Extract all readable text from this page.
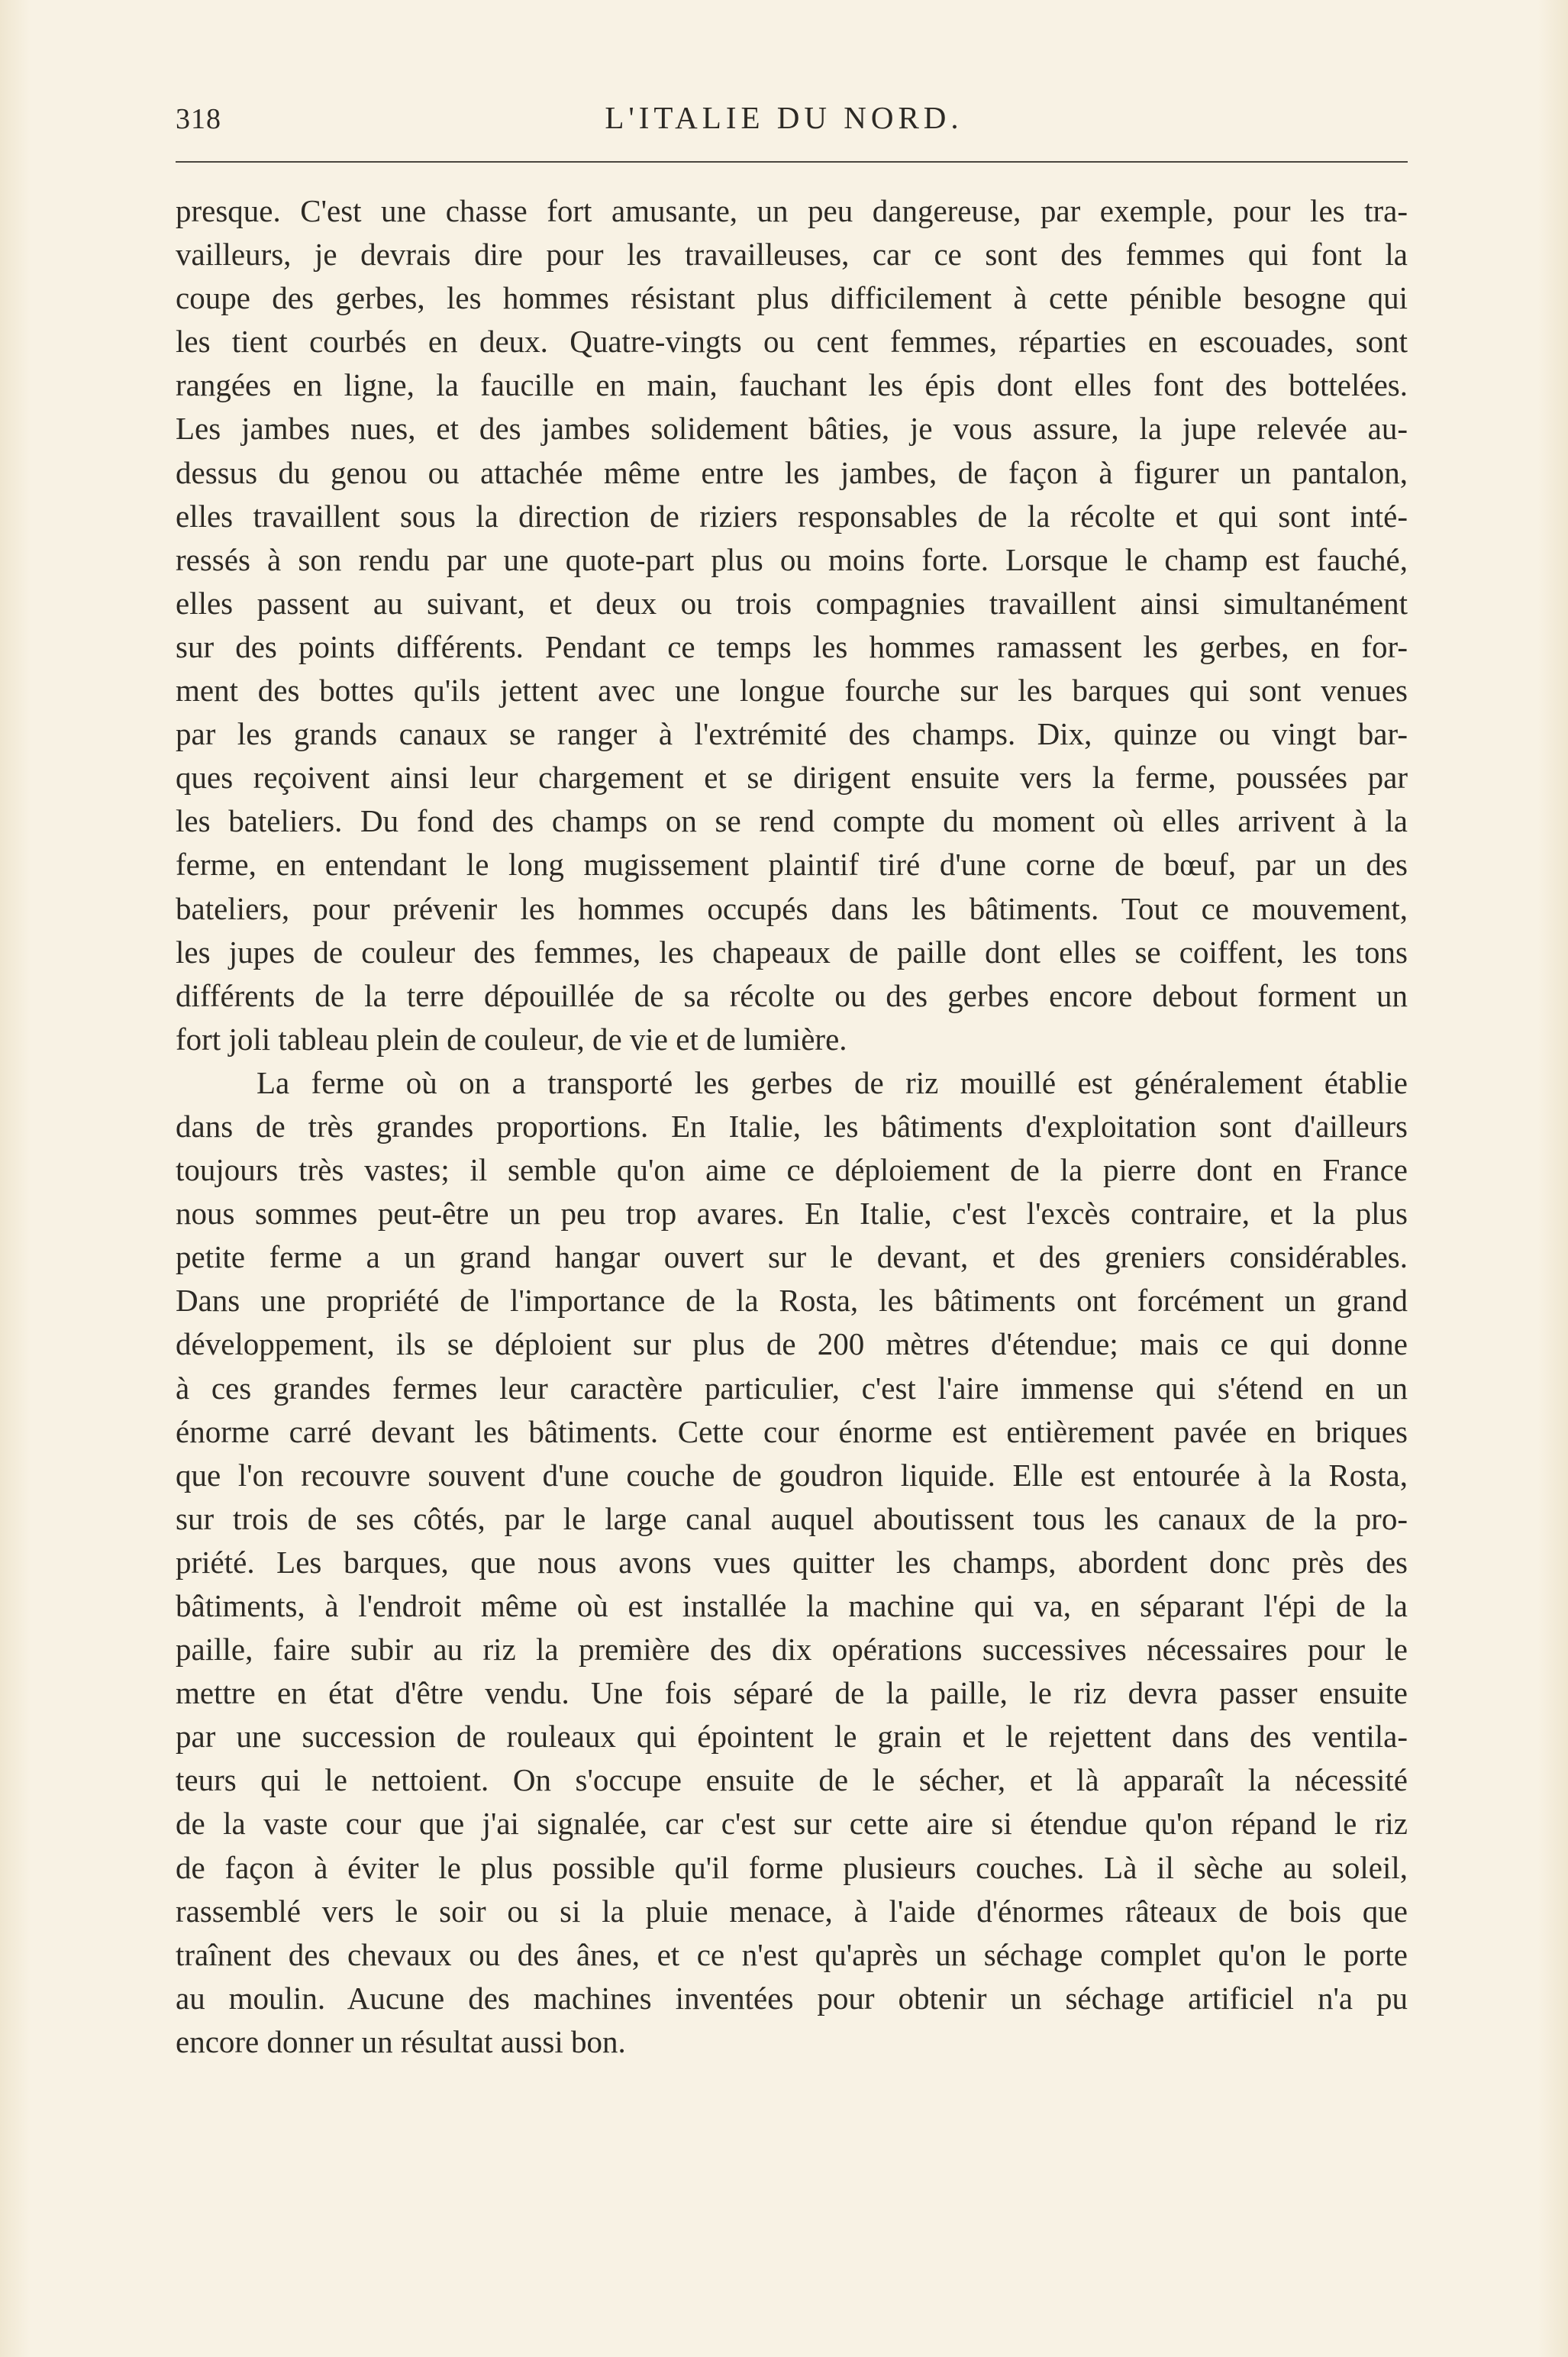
318	L'ITALIE DU NORD.
presque. C'est une chasse fort amusante, un peu dangereuse, par exemple, pour les tra-
vailleurs, je devrais dire pour les travailleuses, car ce sont des femmes qui font la
coupe des gerbes, les hommes résistant plus difficilement à cette pénible besogne qui
les tient courbés en deux. Quatre-vingts ou cent femmes, réparties en escouades, sont
rangées en ligne, la faucille en main, fauchant les épis dont elles font des bottelées.
Les jambes nues, et des jambes solidement bâties, je vous assure, la jupe relevée au-
dessus du genou ou attachée même entre les jambes, de façon à figurer un pantalon,
elles travaillent sous la direction de riziers responsables de la récolte et qui sont inté-
ressés à son rendu par une quote-part plus ou moins forte. Lorsque le champ est fauché,
elles passent au suivant, et deux ou trois compagnies travaillent ainsi simultanément
sur des points différents. Pendant ce temps les hommes ramassent les gerbes, en for-
ment des bottes qu'ils jettent avec une longue fourche sur les barques qui sont venues
par les grands canaux se ranger à l'extrémité des champs. Dix, quinze ou vingt bar-
ques reçoivent ainsi leur chargement et se dirigent ensuite vers la ferme, poussées par
les bateliers. Du fond des champs on se rend compte du moment où elles arrivent à la
ferme, en entendant le long mugissement plaintif tiré d'une corne de bœuf, par un des
bateliers, pour prévenir les hommes occupés dans les bâtiments. Tout ce mouvement,
les jupes de couleur des femmes, les chapeaux de paille dont elles se coiffent, les tons
différents de la terre dépouillée de sa récolte ou des gerbes encore debout forment un
fort joli tableau plein de couleur, de vie et de lumière.
La ferme où on a transporté les gerbes de riz mouillé est généralement établie
dans de très grandes proportions. En Italie, les bâtiments d'exploitation sont d'ailleurs
toujours très vastes; il semble qu'on aime ce déploiement de la pierre dont en France
nous sommes peut-être un peu trop avares. En Italie, c'est l'excès contraire, et la plus
petite ferme a un grand hangar ouvert sur le devant, et des greniers considérables.
Dans une propriété de l'importance de la Rosta, les bâtiments ont forcément un grand
développement, ils se déploient sur plus de 200 mètres d'étendue; mais ce qui donne
à ces grandes fermes leur caractère particulier, c'est l'aire immense qui s'étend en un
énorme carré devant les bâtiments. Cette cour énorme est entièrement pavée en briques
que l'on recouvre souvent d'une couche de goudron liquide. Elle est entourée à la Rosta,
sur trois de ses côtés, par le large canal auquel aboutissent tous les canaux de la pro-
priété. Les barques, que nous avons vues quitter les champs, abordent donc près des
bâtiments, à l'endroit même où est installée la machine qui va, en séparant l'épi de la
paille, faire subir au riz la première des dix opérations successives nécessaires pour le
mettre en état d'être vendu. Une fois séparé de la paille, le riz devra passer ensuite
par une succession de rouleaux qui épointent le grain et le rejettent dans des ventila-
teurs qui le nettoient. On s'occupe ensuite de le sécher, et là apparaît la nécessité
de la vaste cour que j'ai signalée, car c'est sur cette aire si étendue qu'on répand le riz
de façon à éviter le plus possible qu'il forme plusieurs couches. Là il sèche au soleil,
rassemblé vers le soir ou si la pluie menace, à l'aide d'énormes râteaux de bois que
traînent des chevaux ou des ânes, et ce n'est qu'après un séchage complet qu'on le porte
au moulin. Aucune des machines inventées pour obtenir un séchage artificiel n'a pu
encore donner un résultat aussi bon.
